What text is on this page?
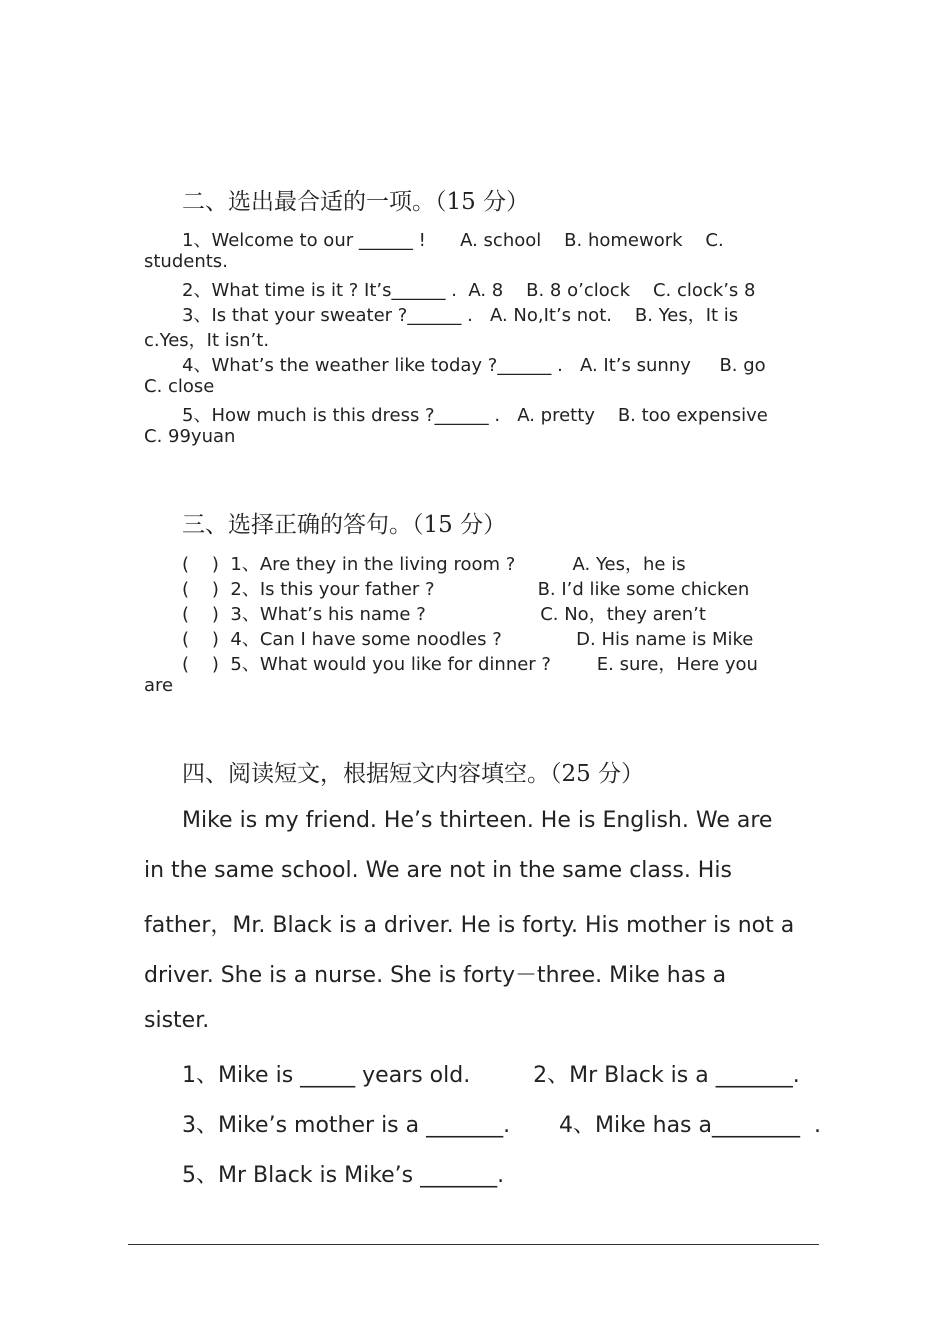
二、选出最合适的一项。（15 分）
1、Welcome to our ______ !      A. school    B. homework    C.
students.
2、What time is it ? It’s______ .  A. 8    B. 8 o’clock    C. clock’s 8
3、Is that your sweater ?______ .   A. No,It’s not.    B. Yes，It is
c.Yes，It isn’t.
4、What’s the weather like today ?______ .   A. It’s sunny     B. go
C. close
5、How much is this dress ?______ .   A. pretty    B. too expensive
C. 99yuan
三、选择正确的答句。（15 分）
(    )  1、Are they in the living room ?          A. Yes，he is
(    )  2、Is this your father ?                  B. I’d like some chicken
(    )  3、What’s his name ?                    C. No，they aren’t
(    )  4、Can I have some noodles ?             D. His name is Mike
(    )  5、What would you like for dinner ?        E. sure，Here you
are
四、阅读短文，根据短文内容填空。（25 分）
Mike is my friend. He’s thirteen. He is English. We are
in the same school. We are not in the same class. His
father，Mr. Black is a driver. He is forty. His mother is not a
driver. She is a nurse. She is forty－three. Mike has a
sister.
1、Mike is _____ years old.         2、Mr Black is a _______.
3、Mike’s mother is a _______.       4、Mike has a________  .
5、Mr Black is Mike’s _______.
